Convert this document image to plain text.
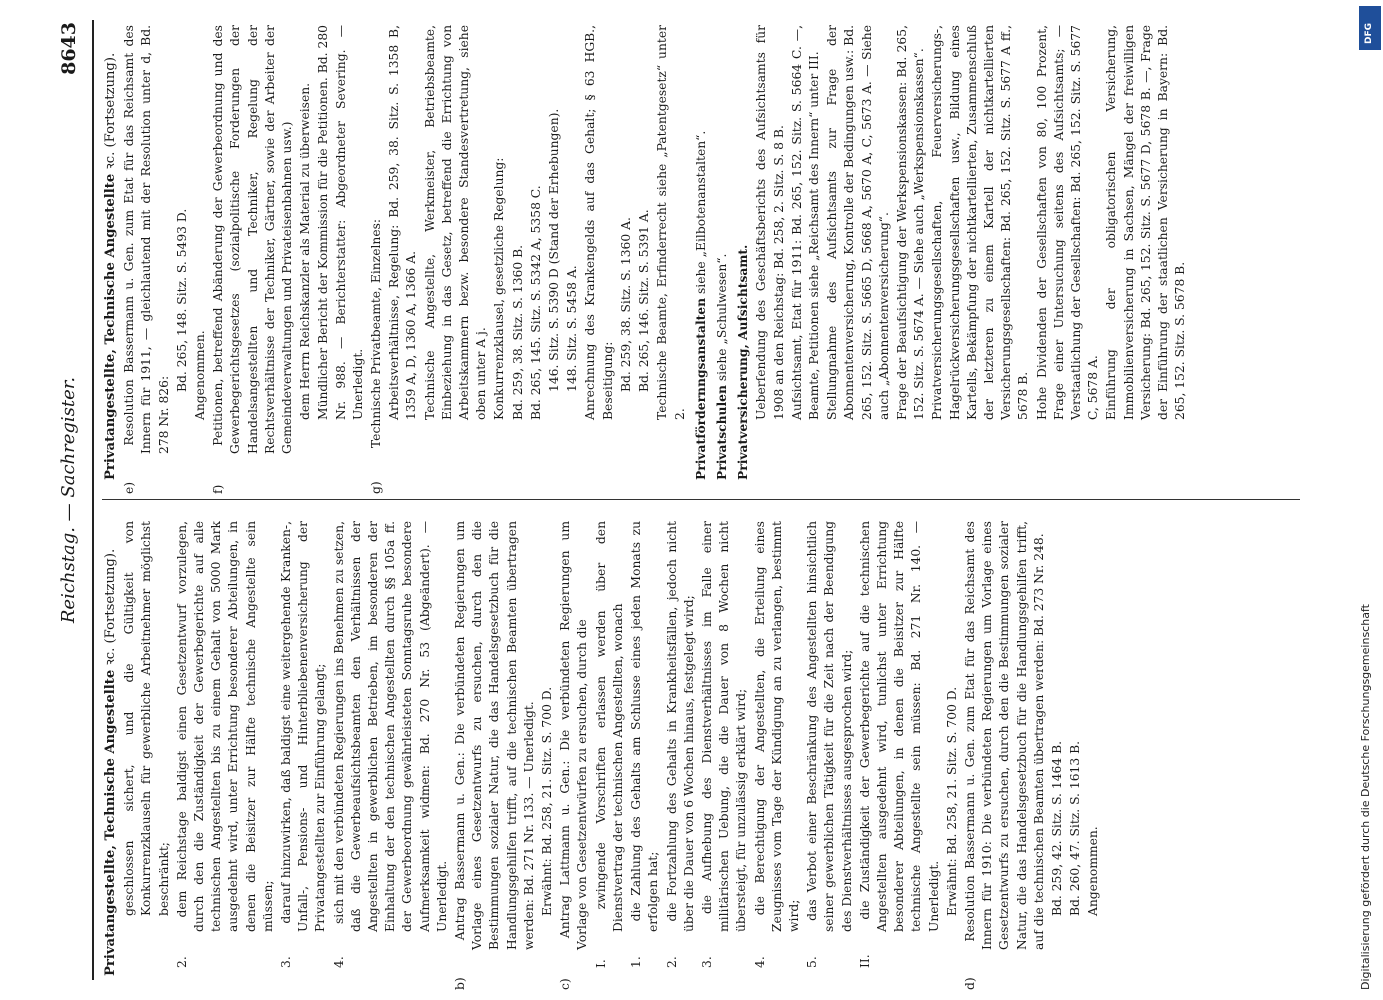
Reichstag. — Sachregister.
8643

Privatangestellte, Technische Angestellte ꝛc. (Fortsetzung). geschlossen sichert, und die Gültigkeit von Konkurrenzklauseln für gewerbliche Arbeitnehmer möglichst beschränkt;

2. dem Reichstage baldigst einen Gesetzentwurf vorzulegen, durch den die Zuständigkeit der Gewerbegerichte auf alle technischen Angestellten bis zu einem Gehalt von 5000 Mark ausgedehnt wird, unter Errichtung besonderer Abteilungen, in denen die Beisitzer zur Hälfte technische Angestellte sein müssen;

3. darauf hinzuwirken, daß baldigst eine weitergehende Kranken-, Unfall-, Pensions- und Hinterbliebenenversicherung der Privatangestellten zur Einführung gelangt;

4. sich mit den verbündeten Regierungen ins Benehmen zu setzen, daß die Gewerbeaufsichtsbeamten den Verhältnissen der Angestellten in gewerblichen Betrieben, im besonderen der Einhaltung der den technischen Angestellten durch §§ 105a ff. der Gewerbeordnung gewährleisteten Sonntagsruhe besondere Aufmerksamkeit widmen: Bd. 270 Nr. 53 (Abgeändert). — Unerledigt.

b) Antrag Bassermann u. Gen.: Die verbündeten Regierungen um Vorlage eines Gesetzentwurfs zu ersuchen, durch den die Bestimmungen sozialer Natur, die das Handelsgesetzbuch für die Handlungsgehilfen trifft, auf die technischen Beamten übertragen werden: Bd. 271 Nr. 133. — Unerledigt. Erwähnt: Bd. 258, 21. Sitz. S. 700 D.

c) Antrag Lattmann u. Gen.: Die verbündeten Regierungen um Vorlage von Gesetzentwürfen zu ersuchen, durch die

I. zwingende Vorschriften erlassen werden über den Dienstvertrag der technischen Angestellten, wonach

1. die Zahlung des Gehalts am Schlusse eines jeden Monats zu erfolgen hat;

2. die Fortzahlung des Gehalts in Krankheitsfällen, jedoch nicht über die Dauer von 6 Wochen hinaus, festgelegt wird;

3. die Aufhebung des Dienstverhältnisses im Falle einer militärischen Uebung, die die Dauer von 8 Wochen nicht übersteigt, für unzulässig erklärt wird;

4. die Berechtigung der Angestellten, die Erteilung eines Zeugnisses vom Tage der Kündigung an zu verlangen, bestimmt wird;

5. das Verbot einer Beschränkung des Angestellten hinsichtlich seiner gewerblichen Tätigkeit für die Zeit nach der Beendigung des Dienstverhältnisses ausgesprochen wird;

II. die Zuständigkeit der Gewerbegerichte auf die technischen Angestellten ausgedehnt wird, tunlichst unter Errichtung besonderer Abteilungen, in denen die Beisitzer zur Hälfte technische Angestellte sein müssen: Bd. 271 Nr. 140. — Unerledigt. Erwähnt: Bd. 258, 21. Sitz. S. 700 D.

d) Resolution Bassermann u. Gen. zum Etat für das Reichsamt des Innern für 1910: Die verbündeten Regierungen um Vorlage eines Gesetzentwurfs zu ersuchen, durch den die Bestimmungen sozialer Natur, die das Handelsgesetzbuch für die Handlungsgehilfen trifft, auf die technischen Beamten übertragen werden: Bd. 273 Nr. 248. Bd. 259, 42. Sitz. S. 1464 B. Bd. 260, 47. Sitz. S. 1613 B. Angenommen.

Privatangestellte, Technische Angestellte ꝛc. (Fortsetzung).

e) Resolution Bassermann u. Gen. zum Etat für das Reichsamt des Innern für 1911, — gleichlautend mit der Resolution unter d, Bd. 278 Nr. 826:

Bd. 265, 148. Sitz. S. 5493 D. Angenommen.

f) Petitionen, betreffend Abänderung der Gewerbeordnung und des Gewerbegerichtsgesetzes (sozialpolitische Forderungen der Handelsangestellten und Techniker, Regelung der Rechtsverhältnisse der Techniker, Gärtner, sowie der Arbeiter der Gemeindeverwaltungen und Privateisenbahnen usw.) dem Herrn Reichskanzler als Material zu überweisen. Mündlicher Bericht der Kommission für die Petitionen. Bd. 280 Nr. 988. — Berichterstatter: Abgeordneter Severing. — Unerledigt.

g) Technische Privatbeamte, Einzelnes: Arbeitsverhältnisse, Regelung: Bd. 259, 38. Sitz. S. 1358 B, 1359 A, D, 1360 A, 1366 A. Technische Angestellte, Werkmeister, Betriebsbeamte, Einbeziehung in das Gesetz, betreffend die Errichtung von Arbeitskammern bezw. besondere Standesvertretung, siehe oben unter A j. Konkurrenzklausel, gesetzliche Regelung: Bd. 259, 38. Sitz. S. 1360 B. Bd. 265, 145. Sitz. S. 5342 A, 5358 C. 146. Sitz. S. 5390 D (Stand der Erhebungen). 148. Sitz. S. 5458 A. Anrechnung des Krankengelds auf das Gehalt; § 63 HGB., Beseitigung: Bd. 259, 38. Sitz. S. 1360 A. Bd. 265, 146. Sitz. S. 5391 A. Technische Beamte, Erfinderrecht siehe „Patentgesetz“ unter 2. Privatfördernngsanstalten siehe „Eilbotenanstalten“.

Privatschulen siehe „Schulwesen“. Privatversicherung, Aufsichtsamt. Ueberſendung des Geschäftsberichts des Aufsichtsamts für 1908 an den Reichstag: Bd. 258, 2. Sitz. S. 8 B. Aufsichtsamt, Etat für 1911: Bd. 265, 152. Sitz. S. 5664 C. —, Beamte, Petitionen siehe „Reichsamt des Innern“ unter III. Stellungnahme des Aufsichtsamts zur Frage der Abonnentenversicherung, Kontrolle der Bedingungen usw.: Bd. 265, 152. Sitz. S. 5665 D, 5668 A, 5670 A, C, 5673 A. — Siehe auch „Abonnentenversicherung“. Frage der Beaufsichtigung der Werkspensionskassen: Bd. 265, 152. Sitz. S. 5674 A. — Siehe auch „Werkspensionskassen“. Privatversicherungsgesellschaften, Feuerversicherungs-, Hagelrückversicherungsgesellschaften usw., Bildung eines Kartells, Bekämpfung der nichtkartellierten, Zusammenschluß der letzteren zu einem Kartell der nichtkartellierten Versicherungsgesellschaften: Bd. 265, 152. Sitz. S. 5677 A ff., 5678 B. Hohe Dividenden der Gesellschaften von 80, 100 Prozent, Frage einer Untersuchung seitens des Aufsichtsamts; — Verstaatlichung der Gesellschaften: Bd. 265, 152. Sitz. S. 5677 C, 5678 A. Einführung der obligatorischen Versicherung, Immobilienversicherung in Sachsen, Mängel der freiwilligen Versicherung: Bd. 265, 152. Sitz. S. 5677 D, 5678 B. —, Frage der Einführung der staatlichen Versicherung in Bayern: Bd. 265, 152. Sitz. S. 5678 B.

DFG
Digitalisierung gefördert durch die Deutsche Forschungsgemeinschaft
